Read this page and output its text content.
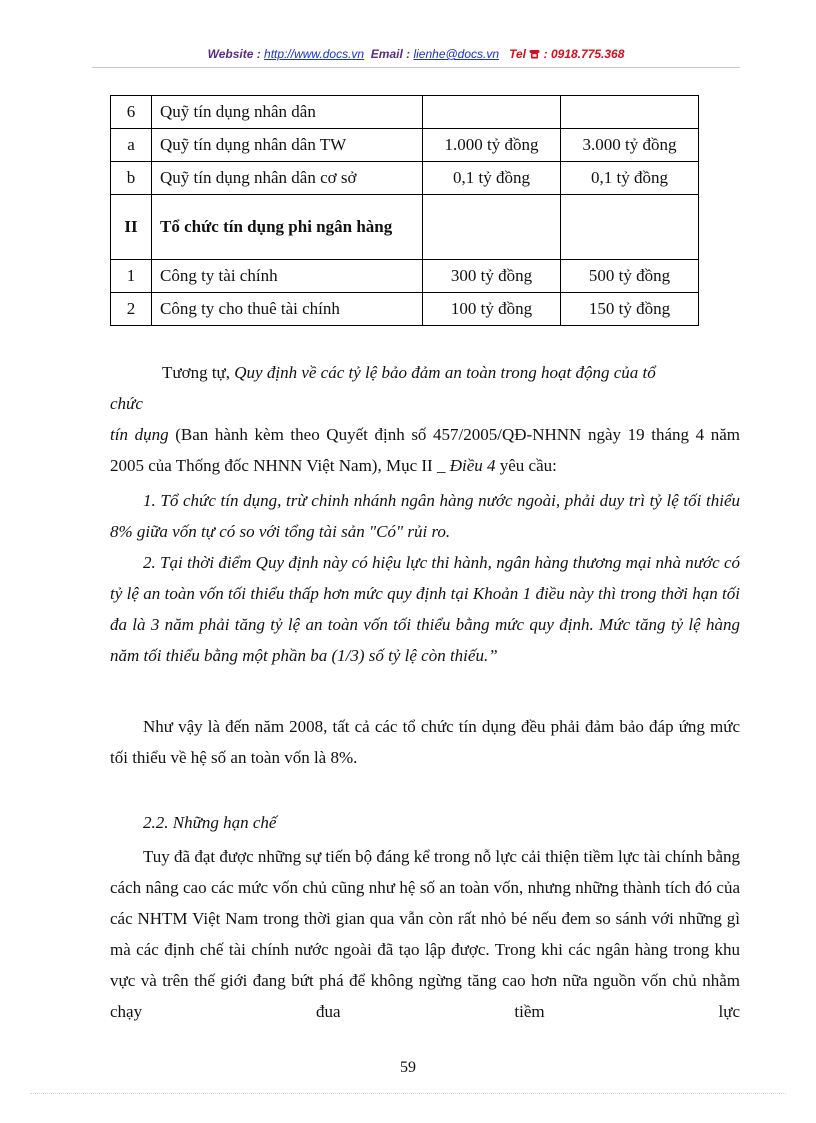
Website : http://www.docs.vn Email : lienhe@docs.vn Tel : 0918.775.368
6	Quỹ tín dụng nhân dân		
a	Quỹ tín dụng nhân dân TW	1.000 tỷ đồng	3.000 tỷ đồng
b	Quỹ tín dụng nhân dân cơ sở	0,1 tỷ đồng	0,1 tỷ đồng
II	Tổ chức tín dụng phi ngân hàng		
1	Công ty tài chính	300 tỷ đồng	500 tỷ đồng
2	Công ty cho thuê tài chính	100 tỷ đồng	150 tỷ đồng

Tương tự, Quy định về các tỷ lệ bảo đảm an toàn trong hoạt động của tổ

chức

tín dụng (Ban hành kèm theo Quyết định số 457/2005/QĐ-NHNN ngày 19 tháng 4 năm 2005 của Thống đốc NHNN Việt Nam), Mục II _ Điều 4 yêu cầu:

1. Tổ chức tín dụng, trừ chinh nhánh ngân hàng nước ngoài, phải duy trì tỷ lệ tối thiểu 8% giữa vốn tự có so với tổng tài sản "Có" rủi ro.

2. Tại thời điểm Quy định này có hiệu lực thi hành, ngân hàng thương mại nhà nước có tỷ lệ an toàn vốn tối thiểu thấp hơn mức quy định tại Khoản 1 điều này thì trong thời hạn tối đa là 3 năm phải tăng tỷ lệ an toàn vốn tối thiểu bằng mức quy định. Mức tăng tỷ lệ hàng năm tối thiểu bằng một phần ba (1/3) số tỷ lệ còn thiếu.”

Như vậy là đến năm 2008, tất cả các tổ chức tín dụng đều phải đảm bảo đáp ứng mức tối thiểu về hệ số an toàn vốn là 8%.

2.2. Những hạn chế

Tuy đã đạt được những sự tiến bộ đáng kể trong nỗ lực cải thiện tiềm lực tài chính bằng cách nâng cao các mức vốn chủ cũng như hệ số an toàn vốn, nhưng những thành tích đó của các NHTM Việt Nam trong thời gian qua vẫn còn rất nhỏ bé nếu đem so sánh với những gì mà các định chế tài chính nước ngoài đã tạo lập được. Trong khi các ngân hàng trong khu vực và trên thế giới đang bứt phá để không ngừng tăng cao hơn nữa nguồn vốn chủ nhằm chạy đua tiềm lực

59
